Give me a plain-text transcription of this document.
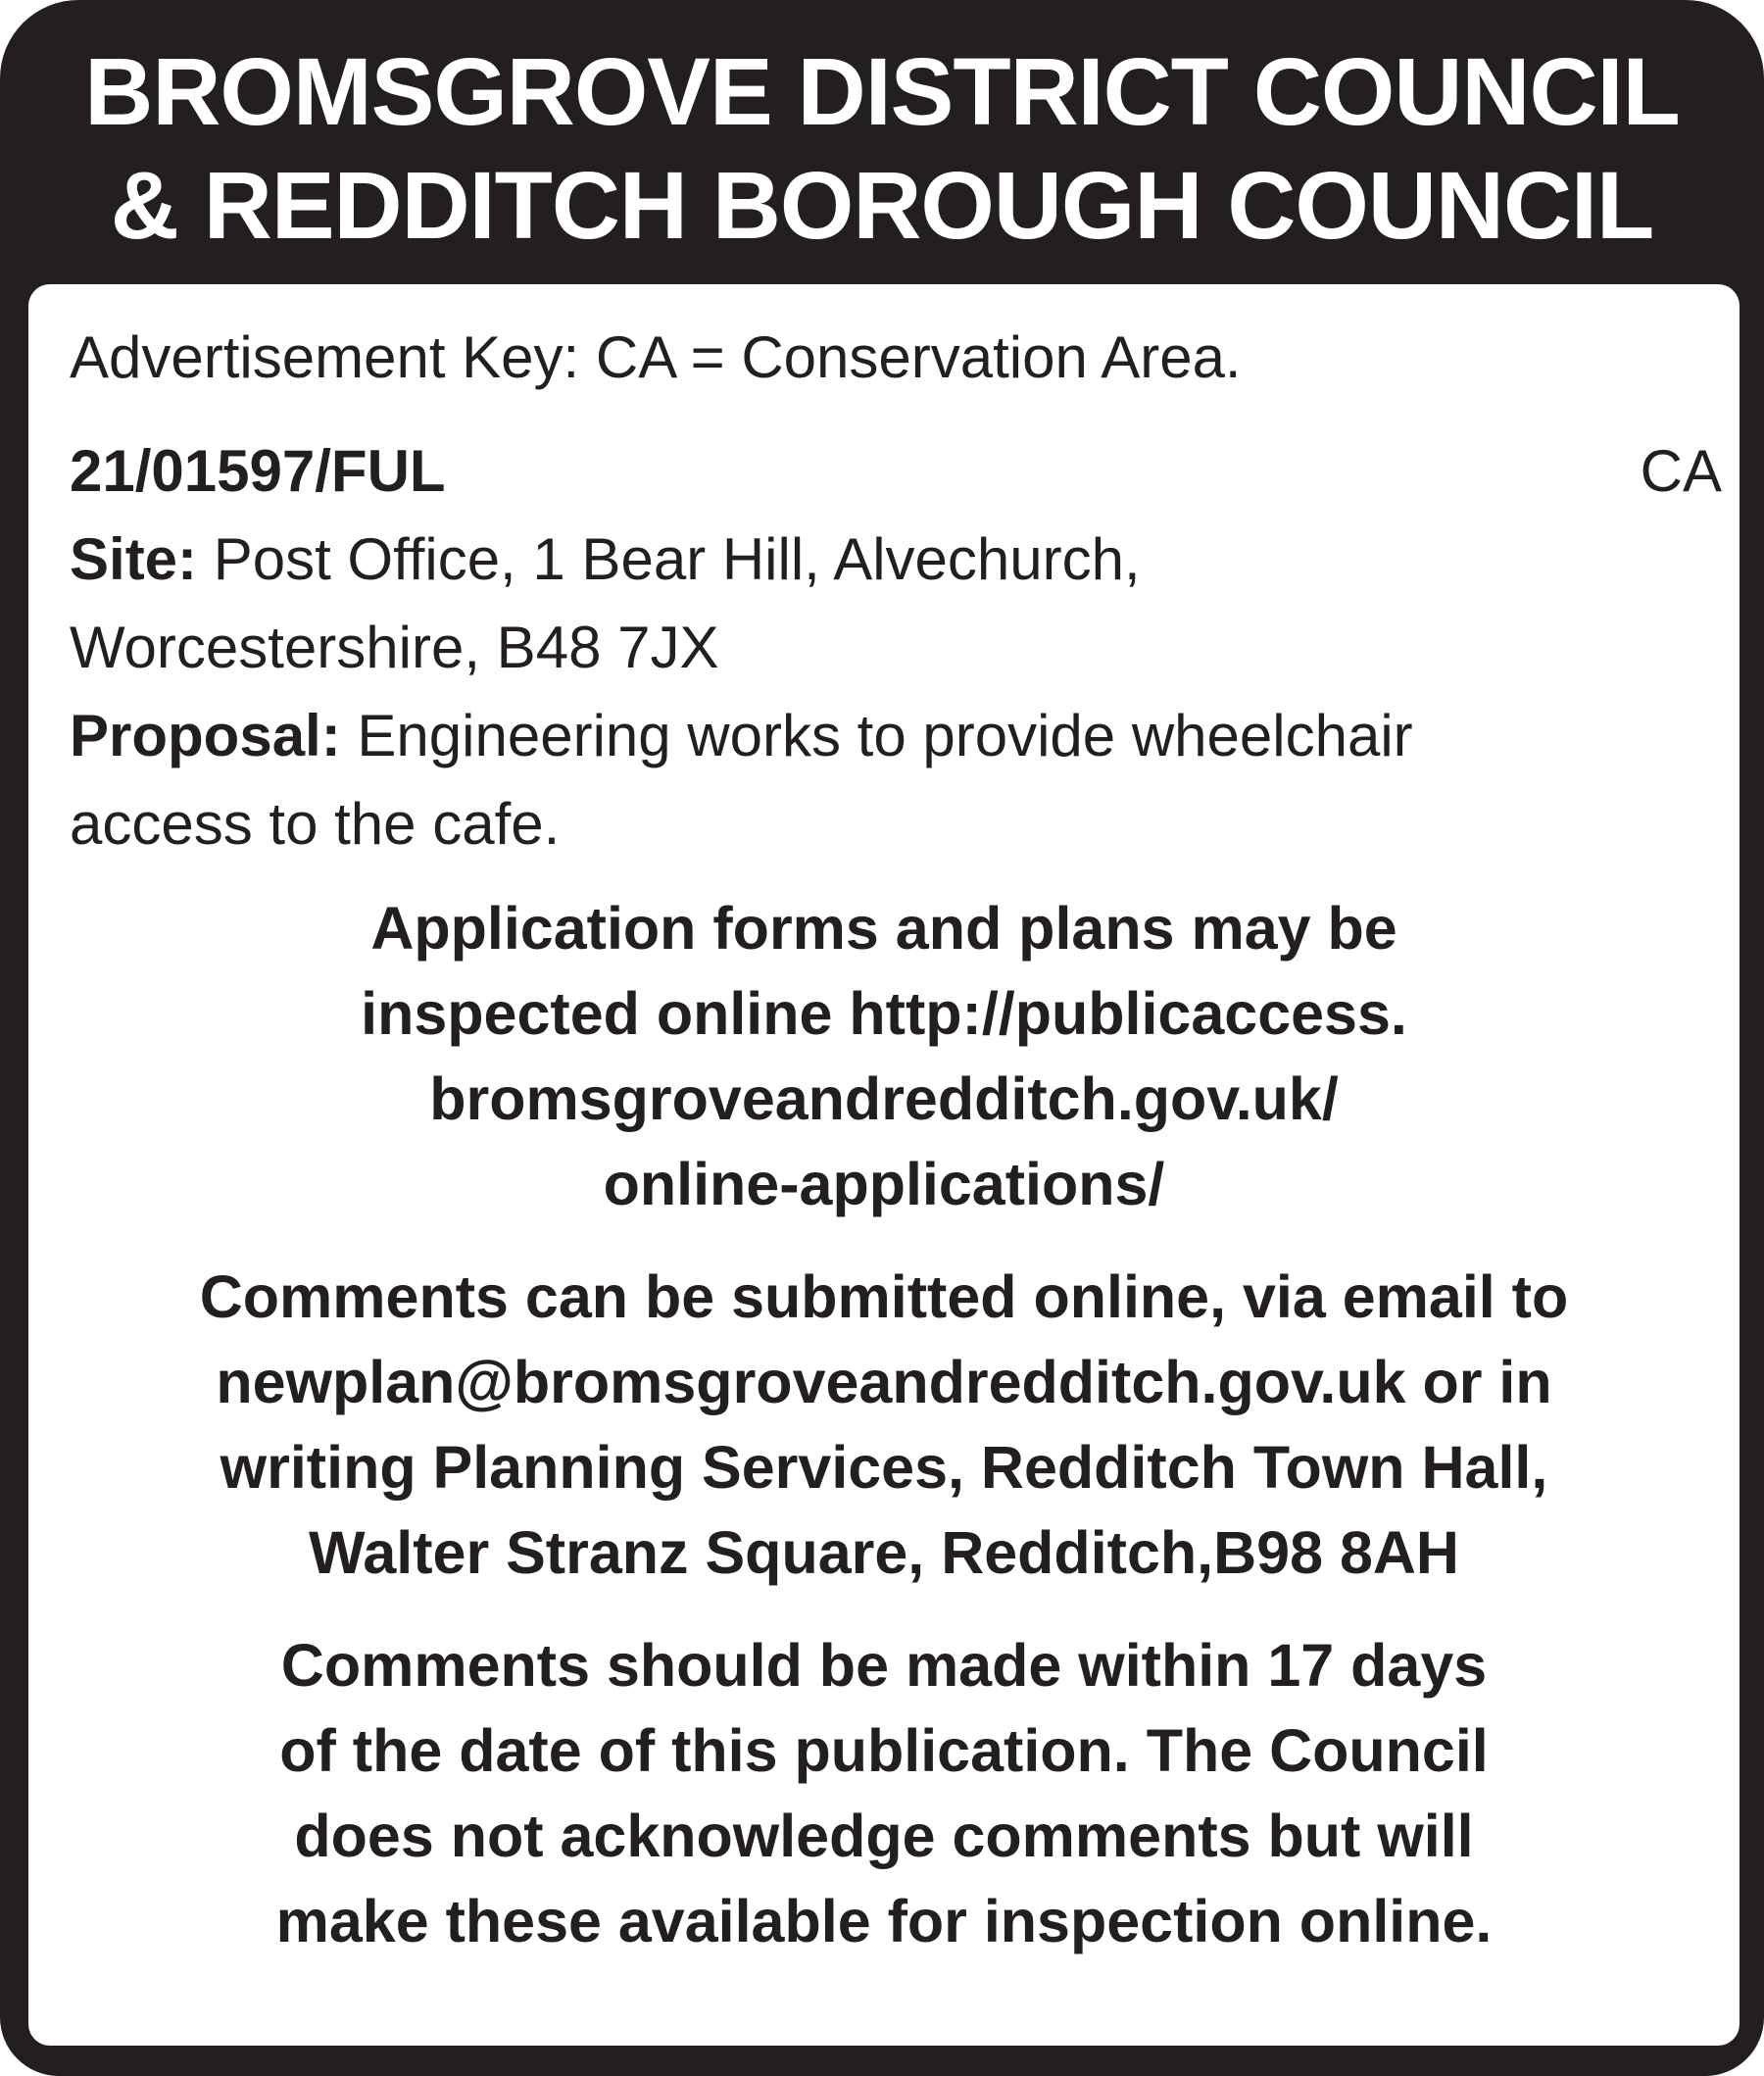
BROMSGROVE DISTRICT COUNCIL
& REDDITCH BOROUGH COUNCIL
Advertisement Key: CA = Conservation Area.
21/01597/FUL	CA
Site: Post Office, 1 Bear Hill, Alvechurch,
Worcestershire, B48 7JX
Proposal: Engineering works to provide wheelchair
access to the cafe.
Application forms and plans may be
inspected online http://publicaccess.
bromsgroveandredditch.gov.uk/
online-applications/
Comments can be submitted online, via email to
newplan@bromsgroveandredditch.gov.uk or in
writing Planning Services, Redditch Town Hall,
Walter Stranz Square, Redditch,B98 8AH
Comments should be made within 17 days
of the date of this publication. The Council
does not acknowledge comments but will
make these available for inspection online.
